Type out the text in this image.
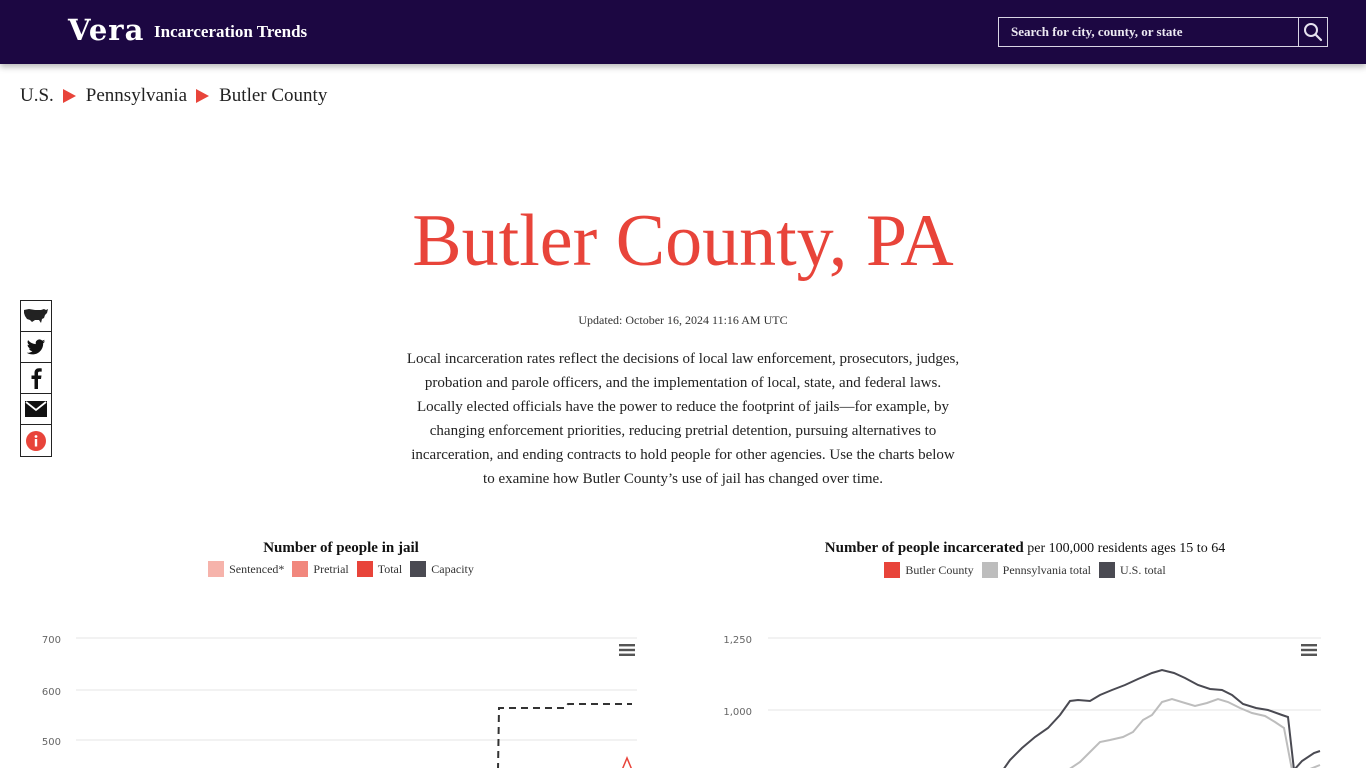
Vera Incarceration Trends
Search for city, county, or state
U.S. Pennsylvania Butler County
Butler County, PA
Updated: October 16, 2024 11:16 AM UTC

Local incarceration rates reflect the decisions of local law enforcement, prosecutors, judges, probation and parole officers, and the implementation of local, state, and federal laws. Locally elected officials have the power to reduce the footprint of jails—for example, by changing enforcement priorities, reducing pretrial detention, pursuing alternatives to incarceration, and ending contracts to hold people for other agencies. Use the charts below to examine how Butler County’s use of jail has changed over time.

Number of people in jail
Sentenced* Pretrial Total Capacity
Number of people incarcerated per 100,000 residents ages 15 to 64
Butler County Pennsylvania total U.S. total
700
600
500
1,250
1,000
